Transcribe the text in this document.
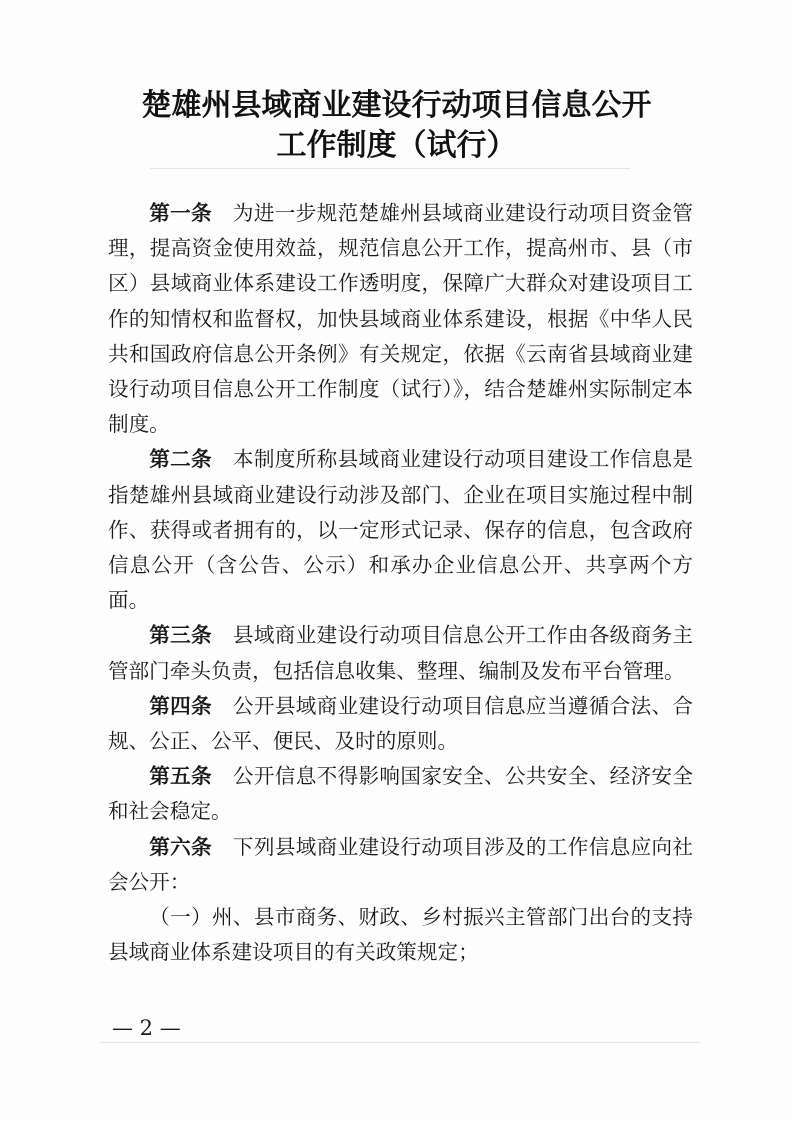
楚雄州县域商业建设行动项目信息公开
工作制度（试行）

第一条　 为进一步规范楚雄州县域商业建设行动项目资金管理，提高资金使用效益，规范信息公开工作，提高州市、县（市区）县域商业体系建设工作透明度，保障广大群众对建设项目工作的知情权和监督权，加快县域商业体系建设，根据《中华人民共和国政府信息公开条例》有关规定，依据《云南省县域商业建设行动项目信息公开工作制度（试行）》，结合楚雄州实际制定本制度。

第二条　 本制度所称县域商业建设行动项目建设工作信息是指楚雄州县域商业建设行动涉及部门、企业在项目实施过程中制作、获得或者拥有的，以一定形式记录、保存的信息，包含政府信息公开（含公告、公示）和承办企业信息公开、共享两个方面。

第三条　 县域商业建设行动项目信息公开工作由各级商务主管部门牵头负责，包括信息收集、整理、编制及发布平台管理。

第四条　 公开县域商业建设行动项目信息应当遵循合法、合规、公正、公平、便民、及时的原则。

第五条　 公开信息不得影响国家安全、公共安全、经济安全和社会稳定。

第六条　 下列县域商业建设行动项目涉及的工作信息应向社会公开：

（一）州、县市商务、财政、乡村振兴主管部门出台的支持县域商业体系建设项目的有关政策规定；

— 2 —
